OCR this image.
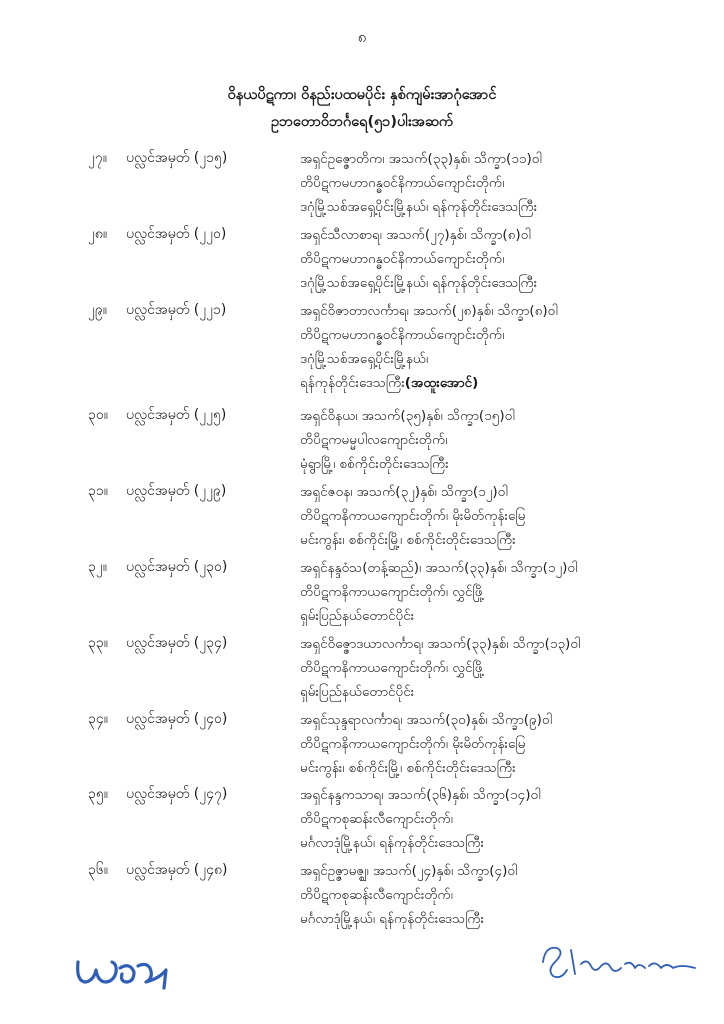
၈
ဝိနယပိဋကာ၊ ဝိနည်းပထမပိုင်း နှစ်ကျမ်းအာဂုံအောင်
ဥဘတောဝိဘင်္ဂရေ(၅၁)ပါးအဆက်
၂၇။ ပလ္လင်အမှတ် (၂၁၅)	အရှင်ဥဇ္ဇောတိက၊ အသက်(၃၃)နှစ်၊ သိက္ခာ(၁၁)ဝါ
တိပိဋကမဟာဂန္ဓဝင်နိကာယ်ကျောင်းတိုက်၊
ဒဂုံမြို့သစ်အရှေ့ပိုင်းမြို့နယ်၊ ရန်ကုန်တိုင်းဒေသကြီး
၂၈။ ပလ္လင်အမှတ် (၂၂၀)	အရှင်သီလာစာရ၊ အသက်(၂၇)နှစ်၊ သိက္ခာ(၈)ဝါ
တိပိဋကမဟာဂန္ဓဝင်နိကာယ်ကျောင်းတိုက်၊
ဒဂုံမြို့သစ်အရှေ့ပိုင်းမြို့နယ်၊ ရန်ကုန်တိုင်းဒေသကြီး
၂၉။ ပလ္လင်အမှတ် (၂၂၁)	အရှင်ဝိဇာတာလင်္ကာရ၊ အသက်(၂၈)နှစ်၊ သိက္ခာ(၈)ဝါ
တိပိဋကမဟာဂန္ဓဝင်နိကာယ်ကျောင်းတိုက်၊
ဒဂုံမြို့သစ်အရှေ့ပိုင်းမြို့နယ်၊
ရန်ကုန်တိုင်းဒေသကြီး(အထူးအောင်)
၃၀။ ပလ္လင်အမှတ် (၂၂၅)	အရှင်ဝိနယ၊ အသက်(၃၅)နှစ်၊ သိက္ခာ(၁၅)ဝါ
တိပိဋကမမ္မပါလကျောင်းတိုက်၊
မုံရွာမြို့၊ စစ်ကိုင်းတိုင်းဒေသကြီး
၃၁။ ပလ္လင်အမှတ် (၂၂၉)	အရှင်ဇဝန၊ အသက်(၃၂)နှစ်၊ သိက္ခာ(၁၂)ဝါ
တိပိဋကနိကာယကျောင်းတိုက်၊ မိုးမိတ်ကုန်းမြေ
မင်းကွန်း၊ စစ်ကိုင်းမြို့၊ စစ်ကိုင်းတိုင်းဒေသကြီး
၃၂။ ပလ္လင်အမှတ် (၂၃၀)	အရှင်နန္ဒဝံသ(တန့်ဆည်)၊ အသက်(၃၃)နှစ်၊ သိက္ခာ(၁၂)ဝါ
တိပိဋကနိကာယကျောင်းတိုက်၊ လွှင်ဖြို့
ရှမ်းပြည်နယ်တောင်ပိုင်း
၃၃။ ပလ္လင်အမှတ် (၂၃၄)	အရှင်ဝိဇ္ဇောဒယာလင်္ကာရ၊ အသက်(၃၃)နှစ်၊ သိက္ခာ(၁၃)ဝါ
တိပိဋကနိကာယကျောင်းတိုက်၊ လွှင်ဖြို့
ရှမ်းပြည်နယ်တောင်ပိုင်း
၃၄။ ပလ္လင်အမှတ် (၂၄၀)	အရှင်သုန္ဒရာလင်္ကာရ၊ အသက်(၃၀)နှစ်၊ သိက္ခာ(၉)ဝါ
တိပိဋကနိကာယကျောင်းတိုက်၊ မိုးမိတ်ကုန်းမြေ
မင်းကွန်း၊ စစ်ကိုင်းမြို့၊ စစ်ကိုင်းတိုင်းဒေသကြီး
၃၅။ ပလ္လင်အမှတ် (၂၄၇)	အရှင်နန္ဒကသာရ၊ အသက်(၃၆)နှစ်၊ သိက္ခာ(၁၄)ဝါ
တိပိဋကစုဆန်းလီကျောင်းတိုက်၊
မင်္ဂလာဒုံမြို့နယ်၊ ရန်ကုန်တိုင်းဒေသကြီး
၃၆။ ပလ္လင်အမှတ် (၂၄၈)	အရှင်ဥဇ္ဇာမဇ္ဈ၊ အသက်(၂၄)နှစ်၊ သိက္ခာ(၄)ဝါ
တိပိဋကစုဆန်းလီကျောင်းတိုက်၊
မင်္ဂလာဒုံမြို့နယ်၊ ရန်ကုန်တိုင်းဒေသကြီး
